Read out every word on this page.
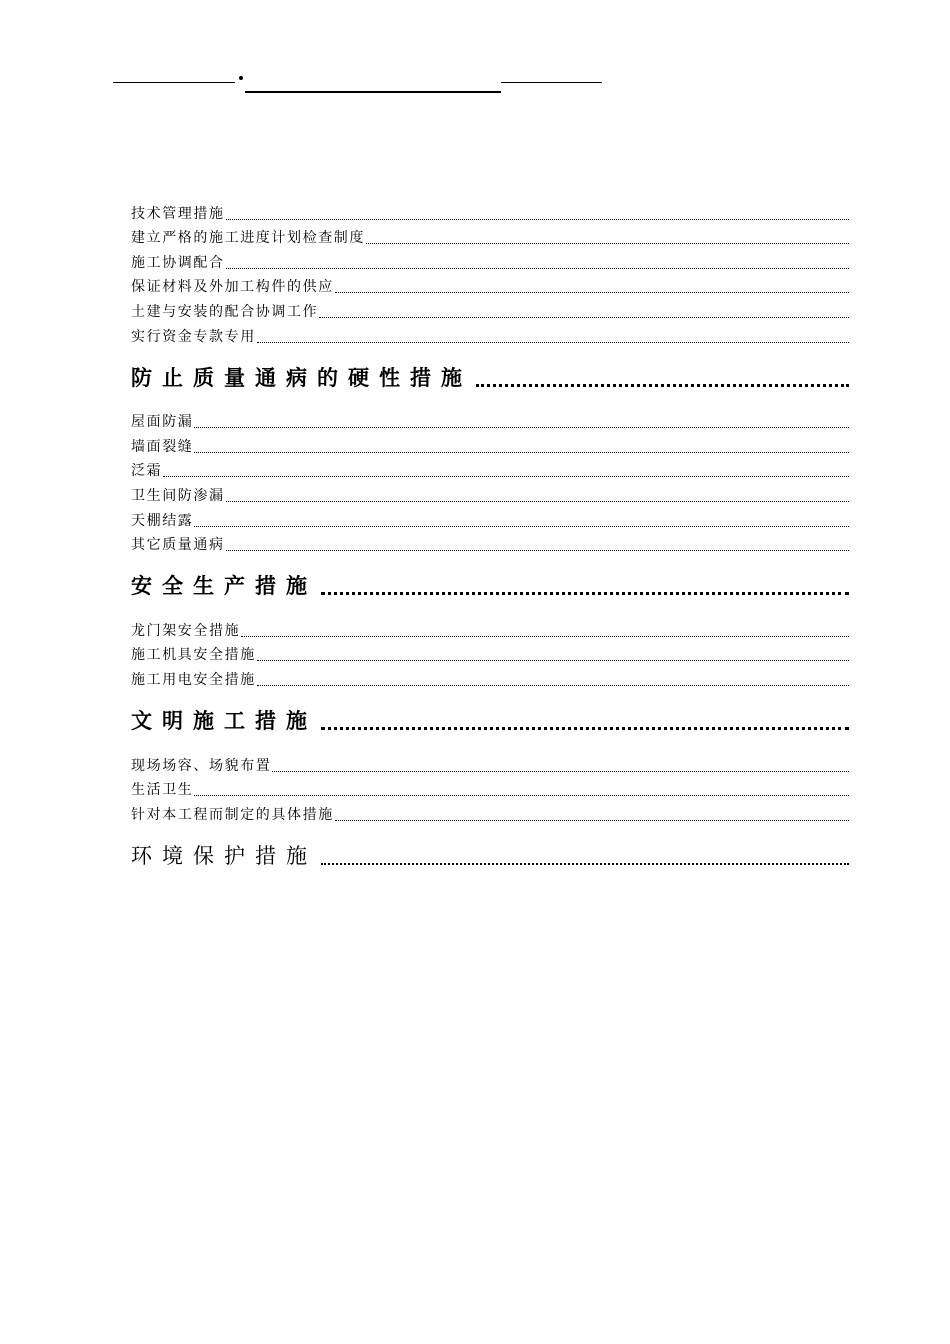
技术管理措施
建立严格的施工进度计划检查制度
施工协调配合
保证材料及外加工构件的供应
土建与安装的配合协调工作
实行资金专款专用
防止质量通病的硬性措施
屋面防漏
墙面裂缝
泛霜
卫生间防渗漏
天棚结露
其它质量通病
安全生产措施
龙门架安全措施
施工机具安全措施
施工用电安全措施
文明施工措施
现场场容、场貌布置
生活卫生
针对本工程而制定的具体措施
环境保护措施
